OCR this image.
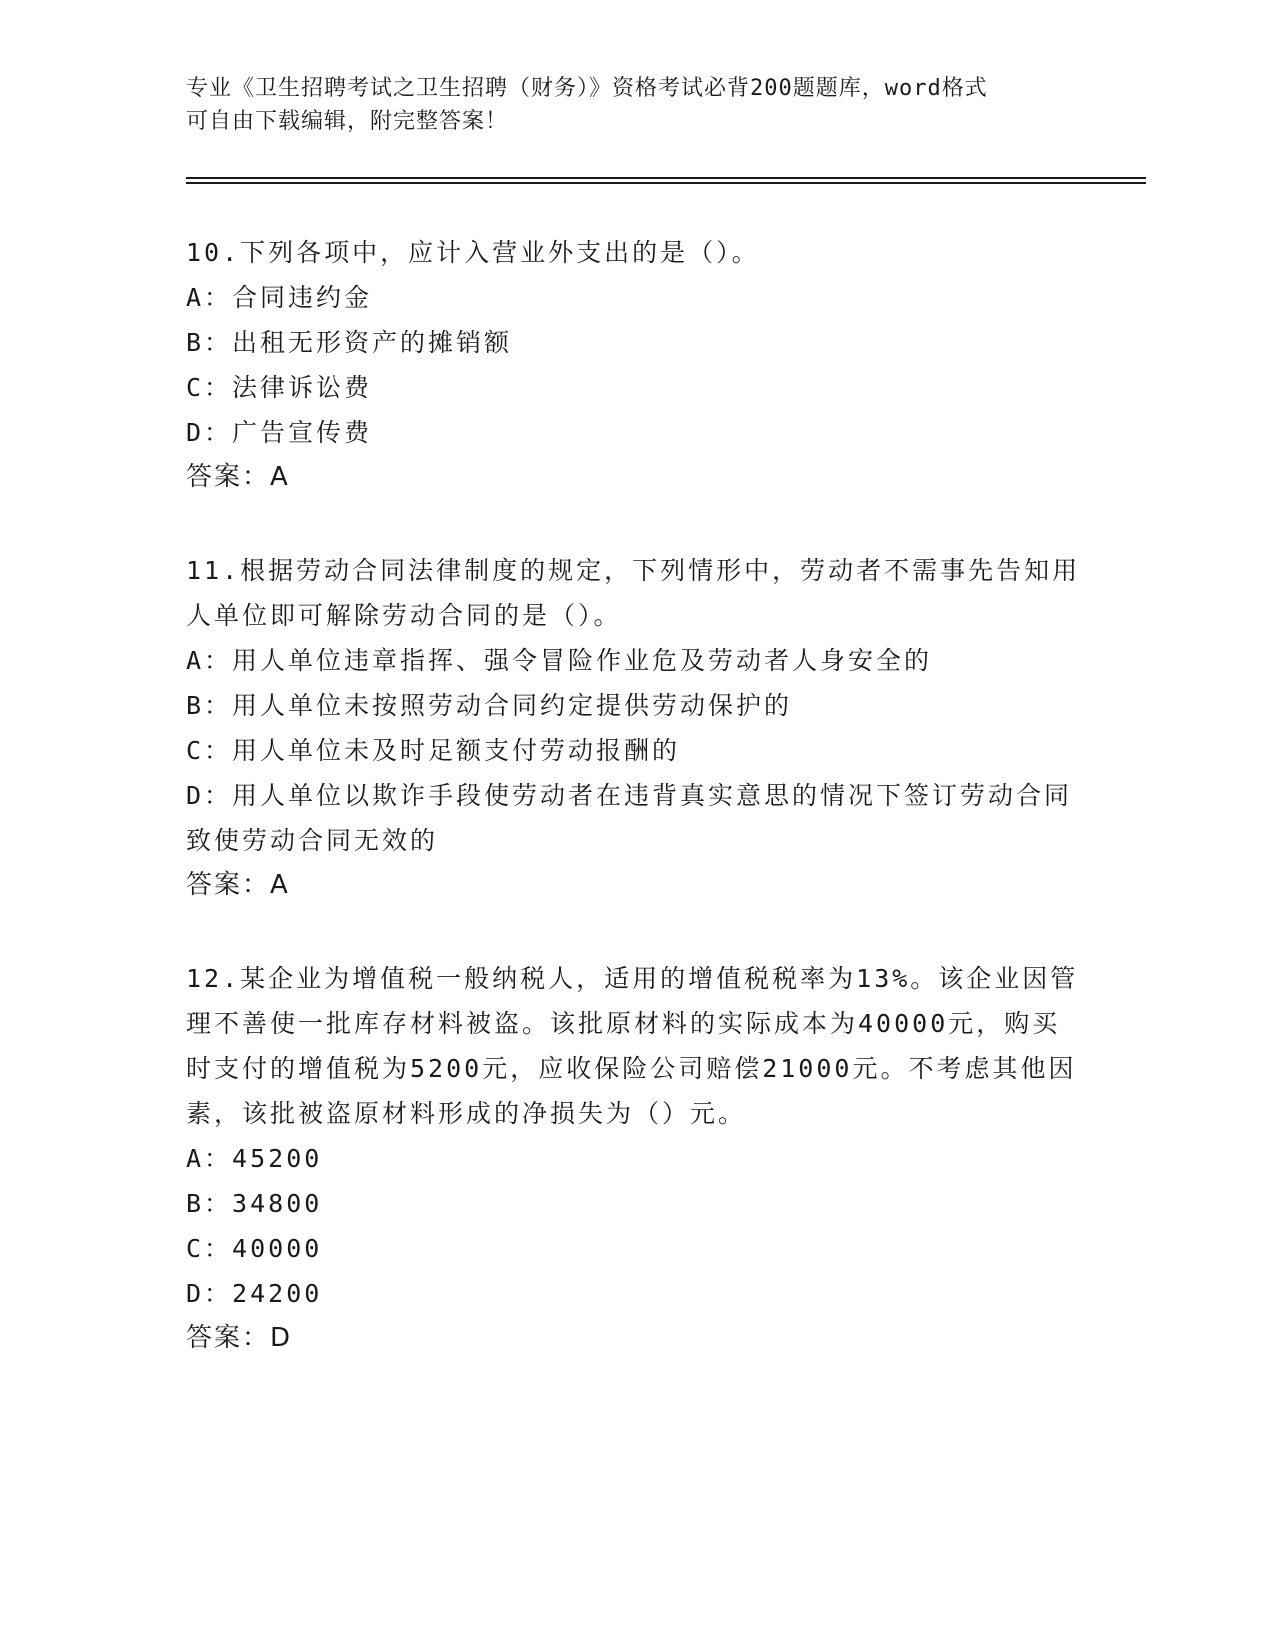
专业《卫生招聘考试之卫生招聘（财务）》资格考试必背200题题库，word格式
可自由下载编辑，附完整答案！
10.下列各项中，应计入营业外支出的是（）。
A：合同违约金
B：出租无形资产的摊销额
C：法律诉讼费
D：广告宣传费
答案：A
11.根据劳动合同法律制度的规定，下列情形中，劳动者不需事先告知用人单位即可解除劳动合同的是（）。
A：用人单位违章指挥、强令冒险作业危及劳动者人身安全的
B：用人单位未按照劳动合同约定提供劳动保护的
C：用人单位未及时足额支付劳动报酬的
D：用人单位以欺诈手段使劳动者在违背真实意思的情况下签订劳动合同致使劳动合同无效的
答案：A
12.某企业为增值税一般纳税人，适用的增值税税率为13%。该企业因管理不善使一批库存材料被盗。该批原材料的实际成本为40000元，购买时支付的增值税为5200元，应收保险公司赔偿21000元。不考虑其他因素，该批被盗原材料形成的净损失为（）元。
A：45200
B：34800
C：40000
D：24200
答案：D
